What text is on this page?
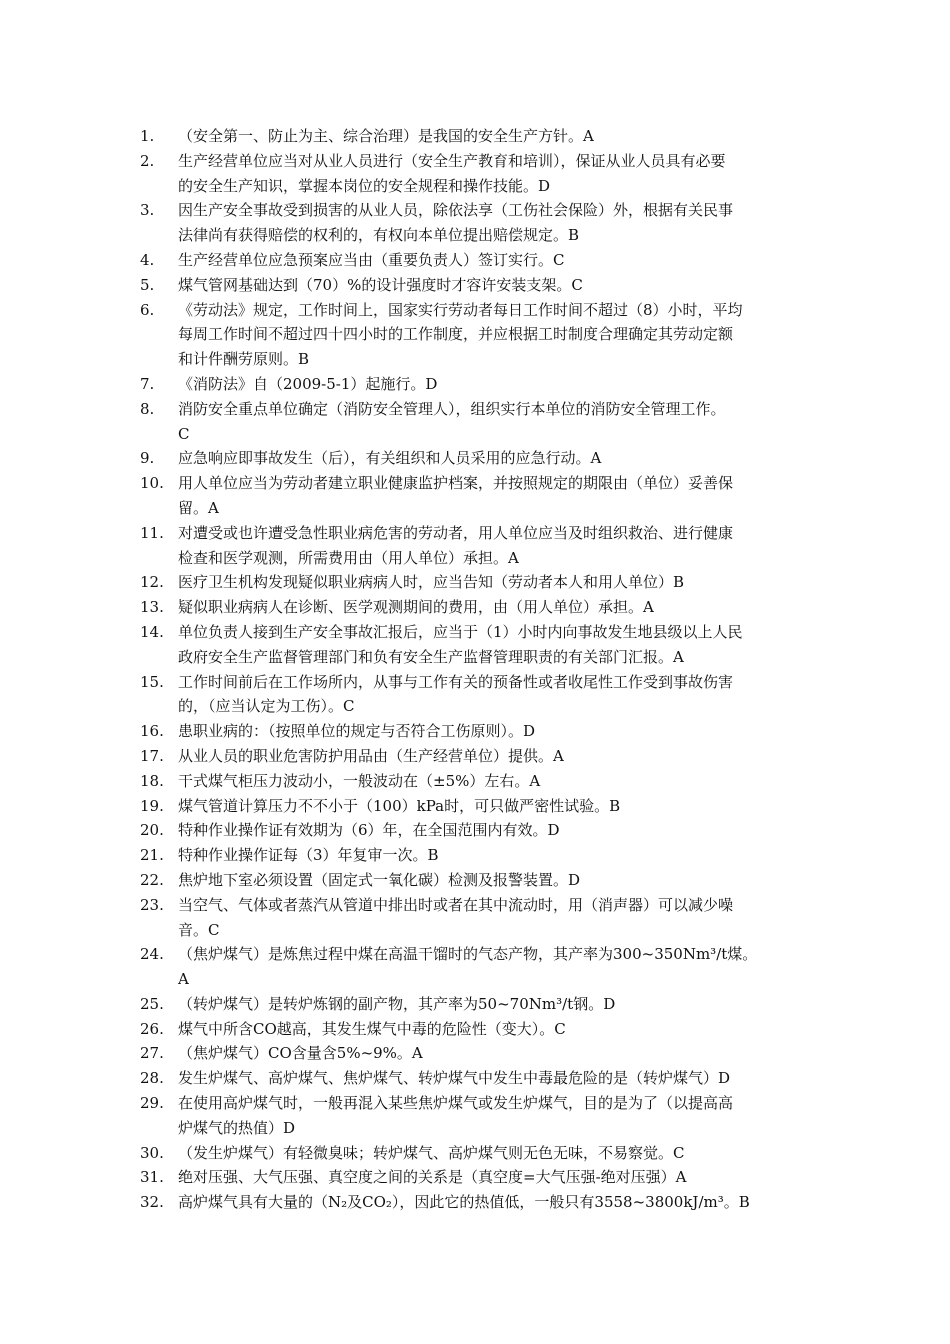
1.	（安全第一、防止为主、综合治理）是我国的安全生产方针。A
2.	生产经营单位应当对从业人员进行（安全生产教育和培训），保证从业人员具有必要
的安全生产知识，掌握本岗位的安全规程和操作技能。D
3.	因生产安全事故受到损害的从业人员，除依法享（工伤社会保险）外，根据有关民事
法律尚有获得赔偿的权利的，有权向本单位提出赔偿规定。B
4.	生产经营单位应急预案应当由（重要负责人）签订实行。C
5.	煤气管网基础达到（70）%的设计强度时才容许安装支架。C
6.	《劳动法》规定，工作时间上，国家实行劳动者每日工作时间不超过（8）小时，平均
每周工作时间不超过四十四小时的工作制度，并应根据工时制度合理确定其劳动定额
和计件酬劳原则。B
7.	《消防法》自（2009-5-1）起施行。D
8.	消防安全重点单位确定（消防安全管理人），组织实行本单位的消防安全管理工作。
C
9.	应急响应即事故发生（后），有关组织和人员采用的应急行动。A
10. 用人单位应当为劳动者建立职业健康监护档案，并按照规定的期限由（单位）妥善保
留。A
11. 对遭受或也许遭受急性职业病危害的劳动者，用人单位应当及时组织救治、进行健康
检查和医学观测，所需费用由（用人单位）承担。A
12. 医疗卫生机构发现疑似职业病病人时，应当告知（劳动者本人和用人单位）B
13. 疑似职业病病人在诊断、医学观测期间的费用，由（用人单位）承担。A
14. 单位负责人接到生产安全事故汇报后，应当于（1）小时内向事故发生地县级以上人民
政府安全生产监督管理部门和负有安全生产监督管理职责的有关部门汇报。A
15. 工作时间前后在工作场所内，从事与工作有关的预备性或者收尾性工作受到事故伤害
的，（应当认定为工伤）。C
16. 患职业病的：（按照单位的规定与否符合工伤原则）。D
17. 从业人员的职业危害防护用品由（生产经营单位）提供。A
18. 干式煤气柜压力波动小，一般波动在（±5%）左右。A
19. 煤气管道计算压力不不小于（100）kPa时，可只做严密性试验。B
20. 特种作业操作证有效期为（6）年，在全国范围内有效。D
21. 特种作业操作证每（3）年复审一次。B
22. 焦炉地下室必须设置（固定式一氧化碳）检测及报警装置。D
23. 当空气、气体或者蒸汽从管道中排出时或者在其中流动时，用（消声器）可以减少噪
音。C
24. （焦炉煤气）是炼焦过程中煤在高温干馏时的气态产物，其产率为300~350Nm³/t煤。
A
25. （转炉煤气）是转炉炼钢的副产物，其产率为50~70Nm³/t钢。D
26. 煤气中所含CO越高，其发生煤气中毒的危险性（变大）。C
27. （焦炉煤气）CO含量含5%~9%。A
28. 发生炉煤气、高炉煤气、焦炉煤气、转炉煤气中发生中毒最危险的是（转炉煤气）D
29. 在使用高炉煤气时，一般再混入某些焦炉煤气或发生炉煤气，目的是为了（以提高高
炉煤气的热值）D
30. （发生炉煤气）有轻微臭味；转炉煤气、高炉煤气则无色无味，不易察觉。C
31. 绝对压强、大气压强、真空度之间的关系是（真空度=大气压强-绝对压强）A
32. 高炉煤气具有大量的（N₂及CO₂），因此它的热值低，一般只有3558~3800kJ/m³。B
